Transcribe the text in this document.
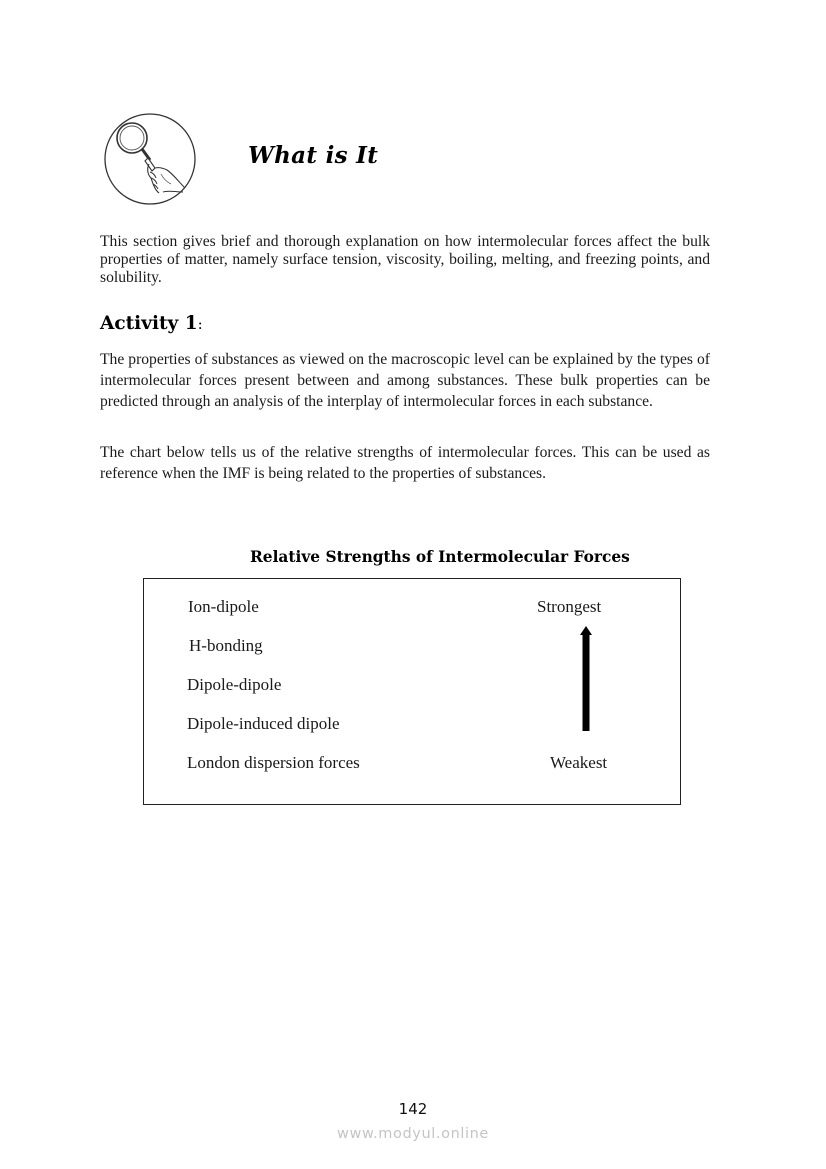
What is It
This section gives brief and thorough explanation on how intermolecular forces affect the bulk properties of matter, namely surface tension, viscosity, boiling, melting, and freezing points, and solubility.
Activity 1:
The properties of substances as viewed on the macroscopic level can be explained by the types of intermolecular forces present between and among substances. These bulk properties can be predicted through an analysis of the interplay of intermolecular forces in each substance.
The chart below tells us of the relative strengths of intermolecular forces. This can be used as reference when the IMF is being related to the properties of substances.
Relative Strengths of Intermolecular Forces
Ion-dipole
H-bonding
Dipole-dipole
Dipole-induced dipole
London dispersion forces
Strongest
Weakest
142
www.modyul.online
